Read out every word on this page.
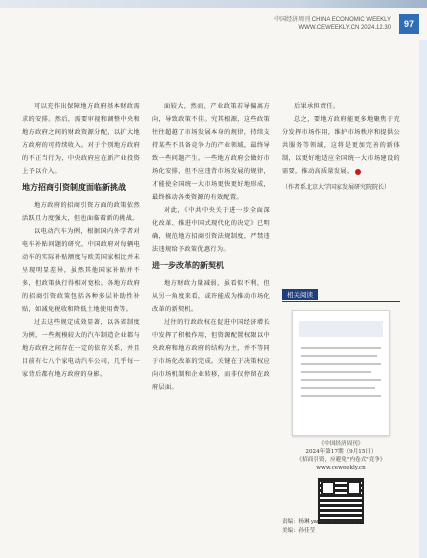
中国经济周刊 CHINA ECONOMIC WEEKLY
WWW.CEWEEKLY.CN 2024.12.30	97

可以充作出保障地方政府基本财政需求的安排。然后，需要审视和调整中央和地方政府之间的财政资源分配，以扩大地方政府的可持续收入。对于个别地方政府的不正当行为，中央政府应在新产业投资上予以介入。

地方招商引资制度面临新挑战

地方政府的招商引资方面的政策依然活跃且力度强大，但也面临着新的挑战。

以电动汽车为例，根据国内外学者对电车补贴问题的研究，中国政府对每辆电动车的实际补贴额度与欧美国家相比并未呈现明显差异，虽然其他国家补贴并不多，但政策执行得相对宽松。各地方政府的招商引资政策包括各种多层补助性补贴，如减免税收和降低土地使用费等。

过去这些规定成效显著，以各省制度为例，一些规模较大的汽车制造企业都与地方政府之间存在一定的依存关系，并且目前有七八个家电动汽车公司，几乎每一家背后都有地方政府的身影。

面较大，然而，产业政策若导偏离方向，导致政策不佳。究其根源，这些政策往往超越了市场发展本身的规律，持续支持某些不具备竞争力的产业领域，最终导致一些问题产生。一些地方政府会做好市场化安排，但不应违背市场发展的规律，才能使全国统一大市场更快更好地形成，最终推动各类资源的有效配置。

对此，《中共中央关于进一步全面深化改革、推进中国式现代化的决定》已明确，规范地方招商引资法规制度，严禁违法违规给予政策优惠行为。

进一步改革的新契机

地方财政力量减弱，虽看似不利，但从另一角度来看，或许能成为推动市场化改革的新契机。

过往的行政政权在促进中国经济增长中发挥了积极作用，但资源配置权限以中央政府和地方政府的结构为主，并不等同于市场化改革的完成。关键在于决策权应向市场机制和企业转移，而非仅停留在政府层面。

后果承担责任。

总之，要地方政府能更多地聚焦于充分发挥市场作用，维护市场秩序和提供公共服务等领域，这将是更加完善的新体制，以更好地适应全国统一大市场建设的需要，推动高质量发展。

（作者系北京大学国家发展研究院院长）
相关阅读
《中国经济周刊》
2024年第17期（9月15日）
《招商引资，应避免"内卷式"竞争》
www.ceweekly.cn
责编：杨琳 yanglin@ceweekly.cn
美编：孙佳莹
